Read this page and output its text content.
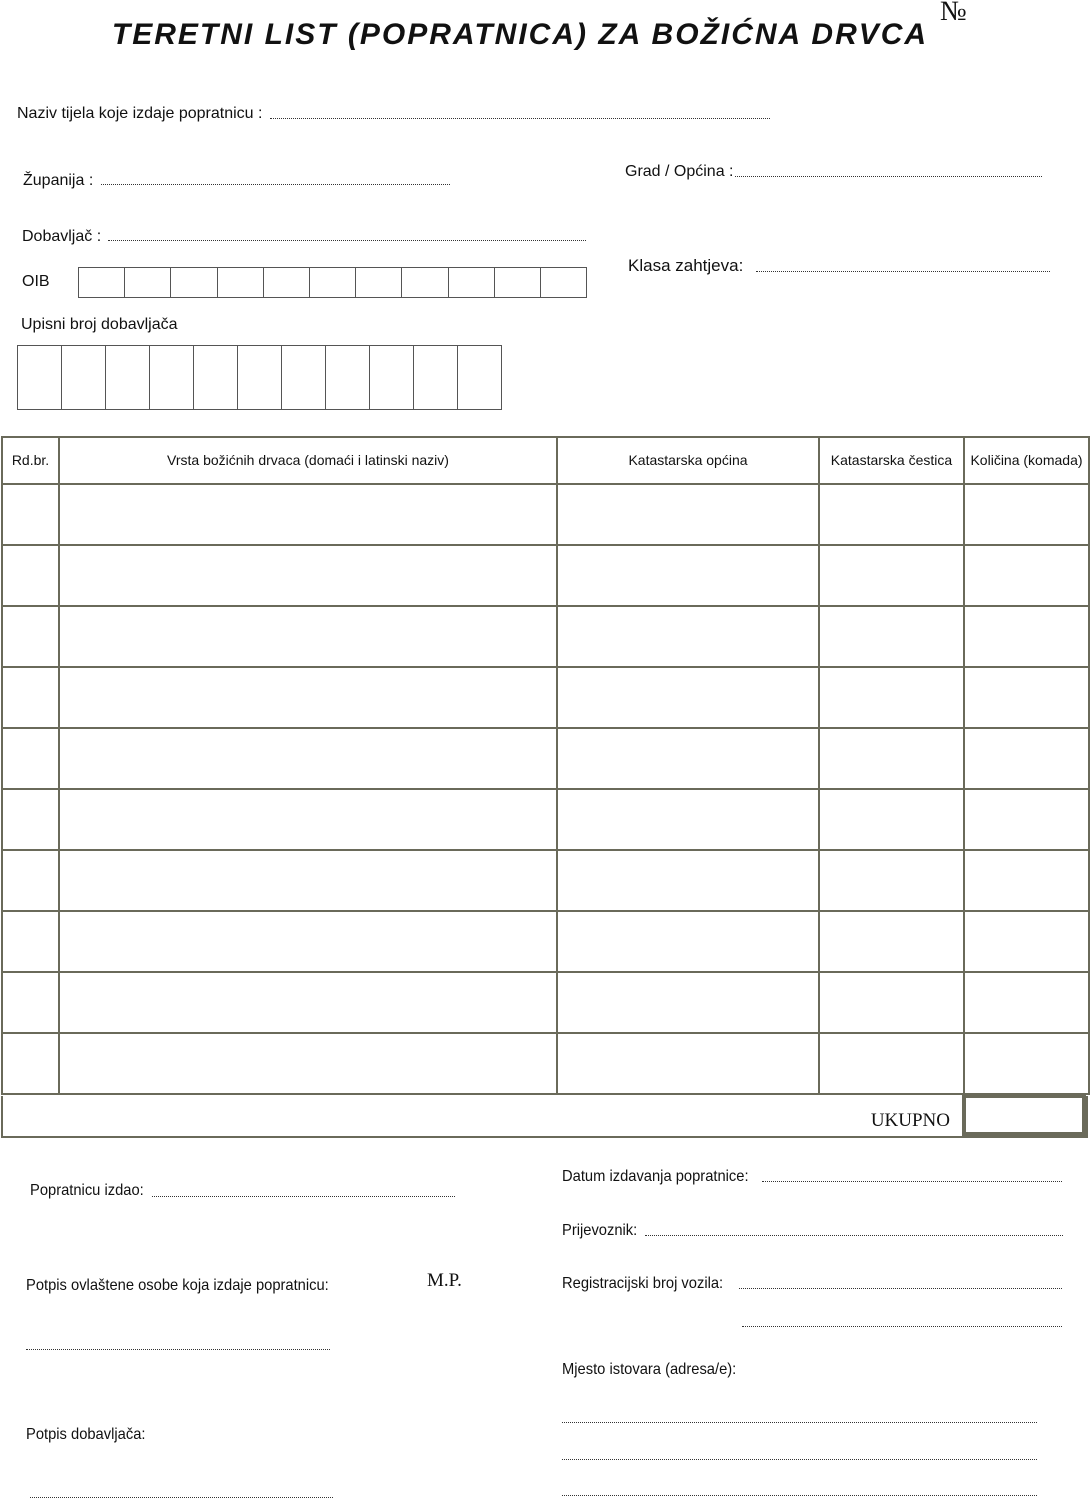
TERETNI LIST (POPRATNICA) ZA BOŽIĆNA DRVCA
№
Naziv tijela koje izdaje popratnicu :
Županija :
Grad / Općina :
Dobavljač :
OIB
Klasa zahtjeva:
Upisni broj dobavljača
Rd.br.	Vrsta božićnih drvaca (domaći i latinski naziv)	Katastarska općina	Katastarska čestica	Količina (komada)

UKUPNO
Popratnicu izdao:
Potpis ovlaštene osobe koja izdaje popratnicu:	M.P.
Potpis dobavljača:
Datum izdavanja popratnice:
Prijevoznik:
Registracijski broj vozila:
Mjesto istovara (adresa/e):
